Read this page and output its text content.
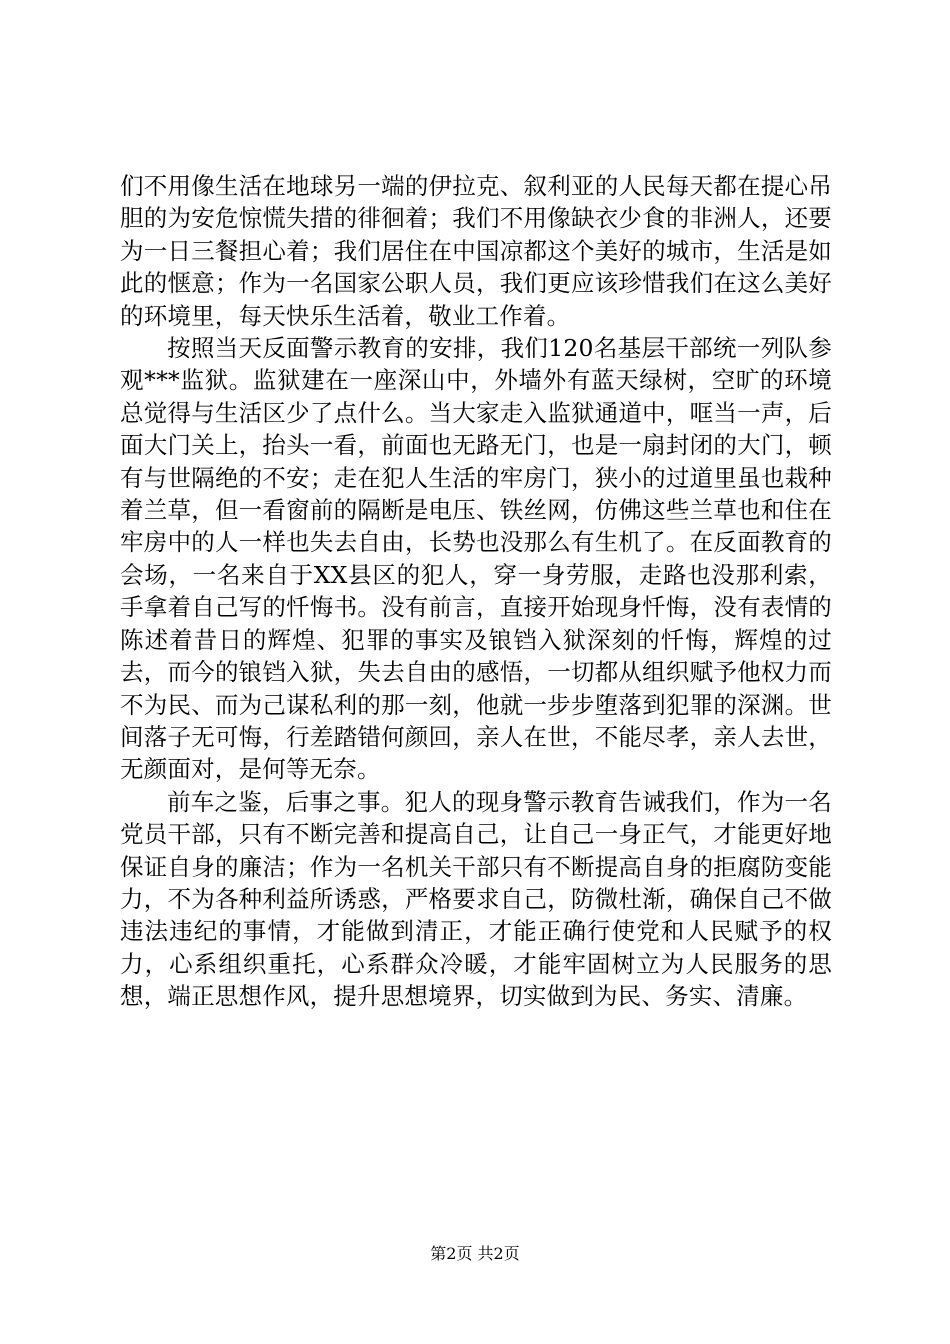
们不用像生活在地球另一端的伊拉克、叙利亚的人民每天都在提心吊胆的为安危惊慌失措的徘徊着；我们不用像缺衣少食的非洲人，还要为一日三餐担心着；我们居住在中国凉都这个美好的城市，生活是如此的惬意；作为一名国家公职人员，我们更应该珍惜我们在这么美好的环境里，每天快乐生活着，敬业工作着。

按照当天反面警示教育的安排，我们120名基层干部统一列队参观***监狱。监狱建在一座深山中，外墙外有蓝天绿树，空旷的环境总觉得与生活区少了点什么。当大家走入监狱通道中，哐当一声，后面大门关上，抬头一看，前面也无路无门，也是一扇封闭的大门，顿有与世隔绝的不安；走在犯人生活的牢房门，狭小的过道里虽也栽种着兰草，但一看窗前的隔断是电压、铁丝网，仿佛这些兰草也和住在牢房中的人一样也失去自由，长势也没那么有生机了。在反面教育的会场，一名来自于XX县区的犯人，穿一身劳服，走路也没那利索，手拿着自己写的忏悔书。没有前言，直接开始现身忏悔，没有表情的陈述着昔日的辉煌、犯罪的事实及锒铛入狱深刻的忏悔，辉煌的过去，而今的锒铛入狱，失去自由的感悟，一切都从组织赋予他权力而不为民、而为己谋私利的那一刻，他就一步步堕落到犯罪的深渊。世间落子无可悔，行差踏错何颜回，亲人在世，不能尽孝，亲人去世，无颜面对，是何等无奈。

前车之鉴，后事之事。犯人的现身警示教育告诫我们，作为一名党员干部，只有不断完善和提高自己，让自己一身正气，才能更好地保证自身的廉洁；作为一名机关干部只有不断提高自身的拒腐防变能力，不为各种利益所诱惑，严格要求自己，防微杜渐，确保自己不做违法违纪的事情，才能做到清正，才能正确行使党和人民赋予的权力，心系组织重托，心系群众冷暖，才能牢固树立为人民服务的思想，端正思想作风，提升思想境界，切实做到为民、务实、清廉。

第2页 共2页
